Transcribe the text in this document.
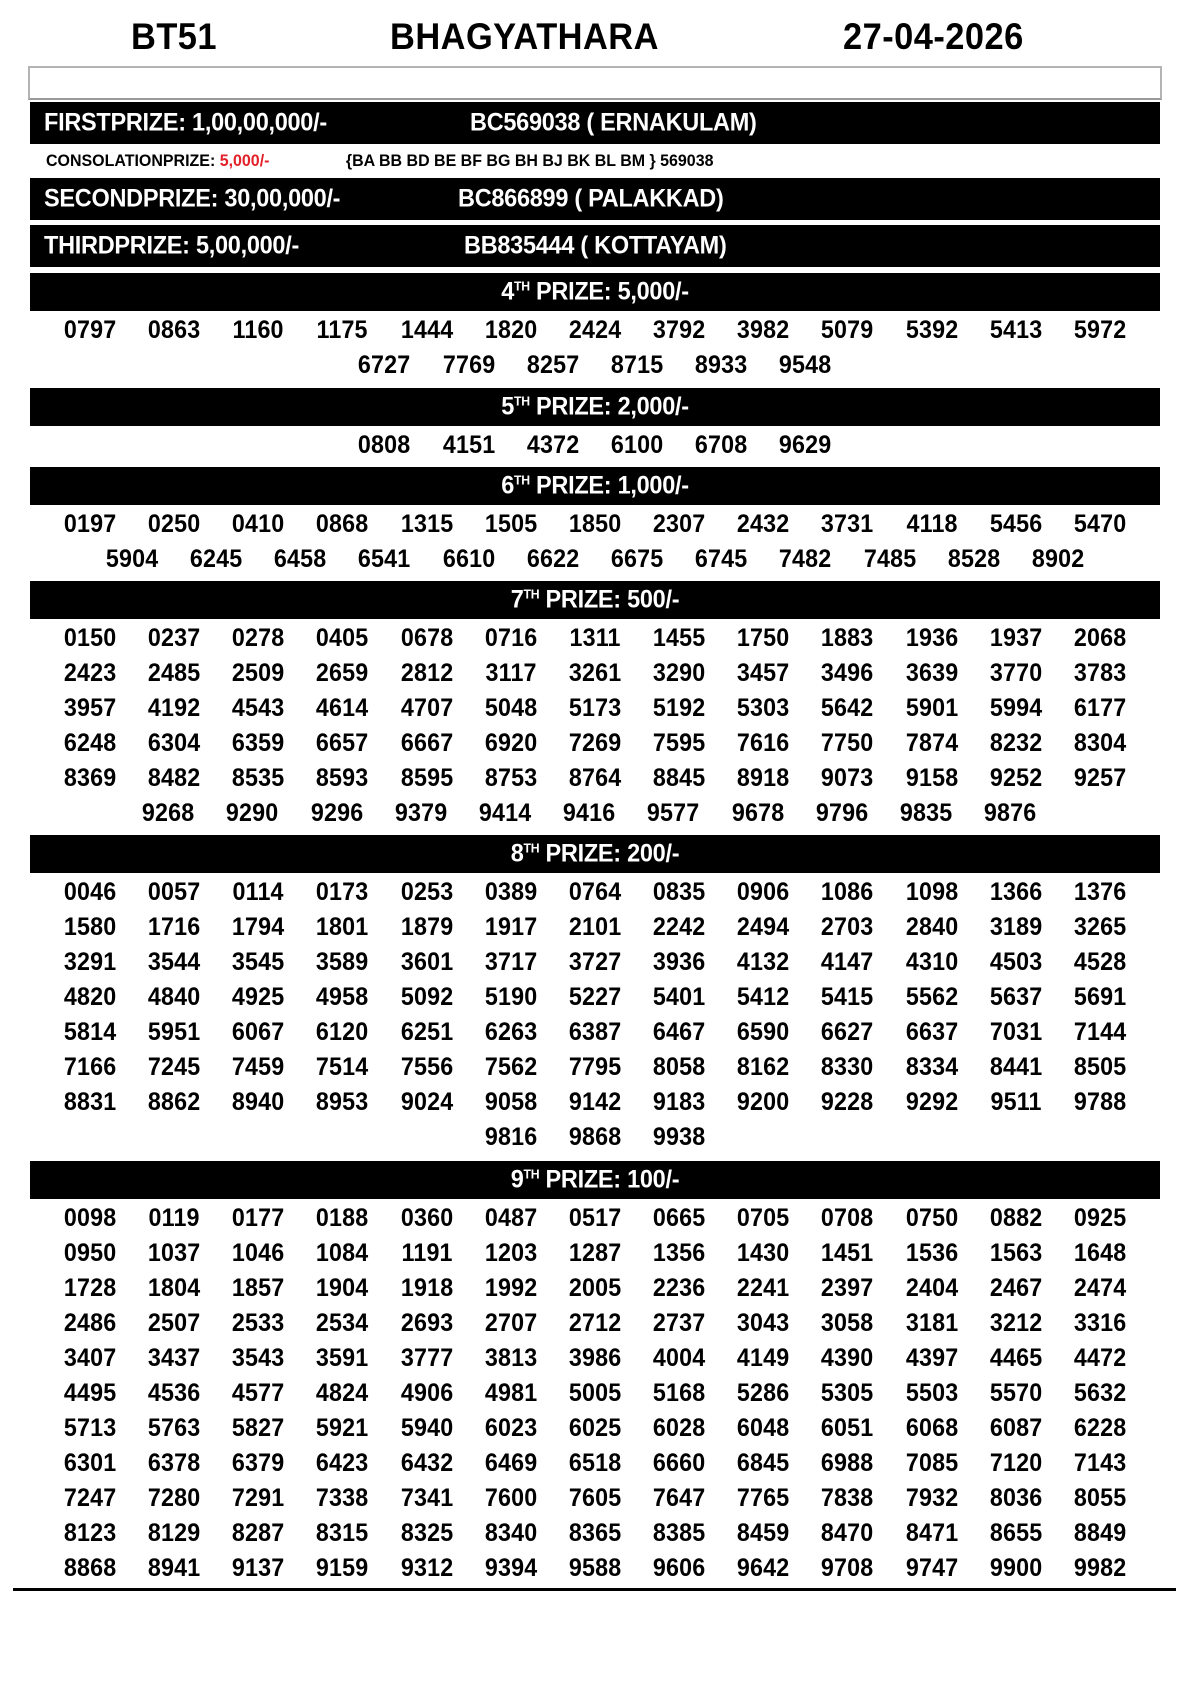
BT51	BHAGYATHARA	27-04-2026
FIRSTPRIZE: 1,00,00,000/-	BC569038 ( ERNAKULAM)
CONSOLATIONPRIZE: 5,000/-	{BA BB BD BE BF BG BH BJ BK BL BM } 569038
SECONDPRIZE: 30,00,000/-	BC866899 ( PALAKKAD)
THIRDPRIZE: 5,00,000/-	BB835444 ( KOTTAYAM)
4TH PRIZE: 5,000/-
0797	0863	1160	1175	1444	1820	2424	3792	3982	5079	5392	5413	5972
6727	7769	8257	8715	8933	9548
5TH PRIZE: 2,000/-
0808	4151	4372	6100	6708	9629
6TH PRIZE: 1,000/-
0197	0250	0410	0868	1315	1505	1850	2307	2432	3731	4118	5456	5470
5904	6245	6458	6541	6610	6622	6675	6745	7482	7485	8528	8902
7TH PRIZE: 500/-
0150	0237	0278	0405	0678	0716	1311	1455	1750	1883	1936	1937	2068
2423	2485	2509	2659	2812	3117	3261	3290	3457	3496	3639	3770	3783
3957	4192	4543	4614	4707	5048	5173	5192	5303	5642	5901	5994	6177
6248	6304	6359	6657	6667	6920	7269	7595	7616	7750	7874	8232	8304
8369	8482	8535	8593	8595	8753	8764	8845	8918	9073	9158	9252	9257
9268	9290	9296	9379	9414	9416	9577	9678	9796	9835	9876
8TH PRIZE: 200/-
0046	0057	0114	0173	0253	0389	0764	0835	0906	1086	1098	1366	1376
1580	1716	1794	1801	1879	1917	2101	2242	2494	2703	2840	3189	3265
3291	3544	3545	3589	3601	3717	3727	3936	4132	4147	4310	4503	4528
4820	4840	4925	4958	5092	5190	5227	5401	5412	5415	5562	5637	5691
5814	5951	6067	6120	6251	6263	6387	6467	6590	6627	6637	7031	7144
7166	7245	7459	7514	7556	7562	7795	8058	8162	8330	8334	8441	8505
8831	8862	8940	8953	9024	9058	9142	9183	9200	9228	9292	9511	9788
9816	9868	9938
9TH PRIZE: 100/-
0098	0119	0177	0188	0360	0487	0517	0665	0705	0708	0750	0882	0925
0950	1037	1046	1084	1191	1203	1287	1356	1430	1451	1536	1563	1648
1728	1804	1857	1904	1918	1992	2005	2236	2241	2397	2404	2467	2474
2486	2507	2533	2534	2693	2707	2712	2737	3043	3058	3181	3212	3316
3407	3437	3543	3591	3777	3813	3986	4004	4149	4390	4397	4465	4472
4495	4536	4577	4824	4906	4981	5005	5168	5286	5305	5503	5570	5632
5713	5763	5827	5921	5940	6023	6025	6028	6048	6051	6068	6087	6228
6301	6378	6379	6423	6432	6469	6518	6660	6845	6988	7085	7120	7143
7247	7280	7291	7338	7341	7600	7605	7647	7765	7838	7932	8036	8055
8123	8129	8287	8315	8325	8340	8365	8385	8459	8470	8471	8655	8849
8868	8941	9137	9159	9312	9394	9588	9606	9642	9708	9747	9900	9982
